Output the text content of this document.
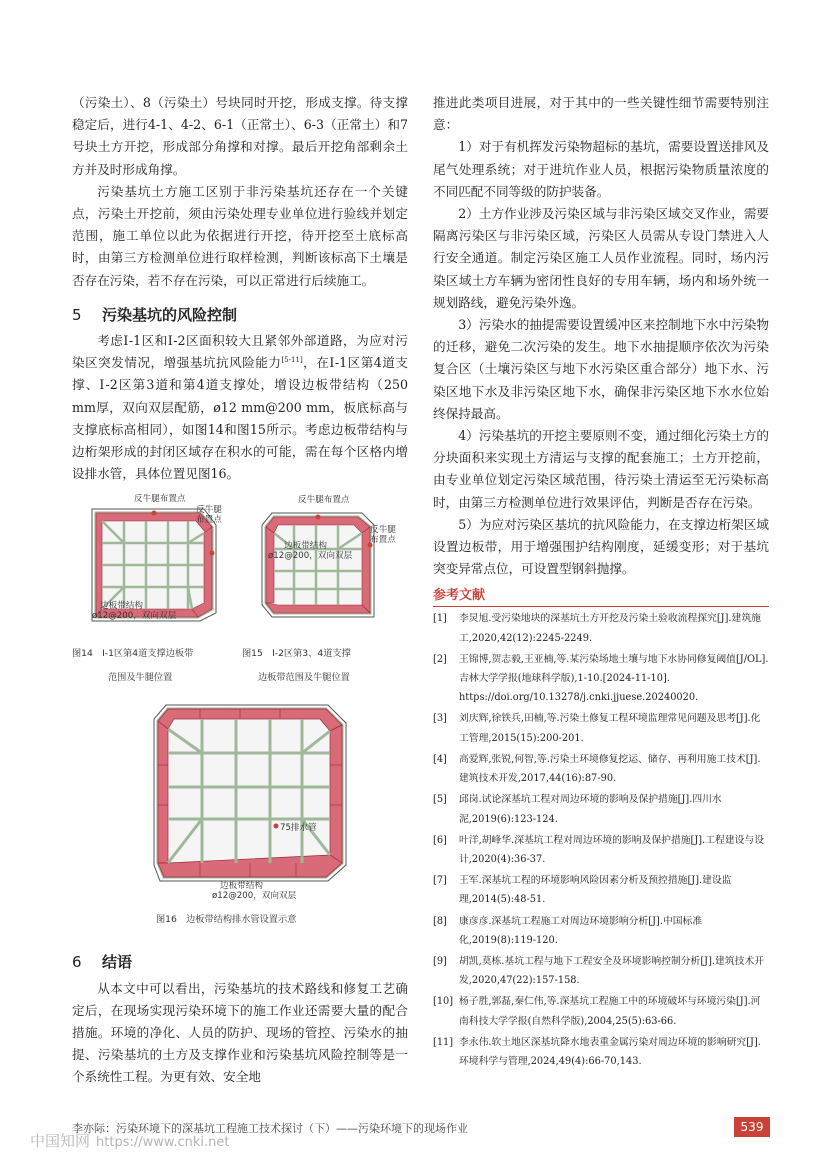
（污染土）、8（污染土）号块同时开挖，形成支撑。待支撑稳定后，进行4-1、4-2、6-1（正常土）、6-3（正常土）和7号块土方开挖，形成部分角撑和对撑。最后开挖角部剩余土方并及时形成角撑。

污染基坑土方施工区别于非污染基坑还存在一个关键点，污染土开挖前，须由污染处理专业单位进行验线并划定范围，施工单位以此为依据进行开挖，待开挖至土底标高时，由第三方检测单位进行取样检测，判断该标高下土壤是否存在污染，若不存在污染，可以正常进行后续施工。

5 污染基坑的风险控制

考虑Ⅰ-1区和Ⅰ-2区面积较大且紧邻外部道路，为应对污染区突发情况，增强基坑抗风险能力[5-11]，在Ⅰ-1区第4道支撑、Ⅰ-2区第3道和第4道支撑处，增设边板带结构（250 mm厚，双向双层配筋，ø12 mm@200 mm，板底标高与支撑底标高相同），如图14和图15所示。考虑边板带结构与边桁架形成的封闭区域存在积水的可能，需在每个区格内增设排水管，具体位置见图16。

反牛腿布置点
反牛腿布置点
边板带结构
ø12@200，双向双层
反牛腿布置点
反牛腿布置点
边板带结构
ø12@200，双向双层
图14　Ⅰ-1区第4道支撑边板带
范围及牛腿位置
图15　Ⅰ-2区第3、4道支撑
边板带范围及牛腿位置
75排水管
边板带结构
ø12@200，双向双层
图16　边板带结构排水管设置示意
6 结语

从本文中可以看出，污染基坑的技术路线和修复工艺确定后，在现场实现污染环境下的施工作业还需要大量的配合措施。环境的净化、人员的防护、现场的管控、污染水的抽提、污染基坑的土方及支撑作业和污染基坑风险控制等是一个系统性工程。为更有效、安全地

推进此类项目进展，对于其中的一些关键性细节需要特别注意：

1）对于有机挥发污染物超标的基坑，需要设置送排风及尾气处理系统；对于进坑作业人员，根据污染物质量浓度的不同匹配不同等级的防护装备。

2）土方作业涉及污染区域与非污染区域交叉作业，需要隔离污染区与非污染区域，污染区人员需从专设门禁进入人行安全通道。制定污染区施工人员作业流程。同时，场内污染区域土方车辆为密闭性良好的专用车辆，场内和场外统一规划路线，避免污染外逸。

3）污染水的抽提需要设置缓冲区来控制地下水中污染物的迁移，避免二次污染的发生。地下水抽提顺序依次为污染复合区（土壤污染区与地下水污染区重合部分）地下水、污染区地下水及非污染区地下水，确保非污染区地下水水位始终保持最高。

4）污染基坑的开挖主要原则不变，通过细化污染土方的分块面积来实现土方清运与支撑的配套施工；土方开挖前，由专业单位划定污染区域范围，待污染土清运至无污染标高时，由第三方检测单位进行效果评估，判断是否存在污染。

5）为应对污染区基坑的抗风险能力，在支撑边桁架区域设置边板带，用于增强围护结构刚度，延缓变形；对于基坑突变异常点位，可设置型钢斜抛撑。

参考文献
[1] 李炅旭.受污染地块的深基坑土方开挖及污染土验收流程探究[J].建筑施工,2020,42(12):2245-2249.
[2] 王锦博,贺志毅,王亚楠,等.某污染场地土壤与地下水协同修复阈值[J/OL].吉林大学学报(地球科学版),1-10.[2024-11-10]. https://doi.org/10.13278/j.cnki.jjuese.20240020.
[3] 刘庆辉,徐铁兵,田楠,等.污染土修复工程环境监理常见问题及思考[J].化工管理,2015(15):200-201.
[4] 高爱辉,张锐,何智,等.污染土环境修复挖运、储存、再利用施工技术[J].建筑技术开发,2017,44(16):87-90.
[5] 邱岗.试论深基坑工程对周边环境的影响及保护措施[J].四川水泥,2019(6):123-124.
[6] 叶洋,胡峰华.深基坑工程对周边环境的影响及保护措施[J].工程建设与设计,2020(4):36-37.
[7] 王军.深基坑工程的环境影响风险因素分析及预控措施[J].建设监理,2014(5):48-51.
[8] 康彦彦.深基坑工程施工对周边环境影响分析[J].中国标准化,2019(8):119-120.
[9] 胡凯,莫栋.基坑工程与地下工程安全及环境影响控制分析[J].建筑技术开发,2020,47(22):157-158.
[10] 杨子胜,郭磊,秦仁伟,等.深基坑工程施工中的环境破坏与环境污染[J].河南科技大学学报(自然科学版),2004,25(5):63-66.
[11] 李永伟.软土地区深基坑降水地表重金属污染对周边环境的影响研究[J].环境科学与管理,2024,49(4):66-70,143.
李亦际：污染环境下的深基坑工程施工技术探讨（下）——污染环境下的现场作业	539
中国知网 https://www.cnki.net
